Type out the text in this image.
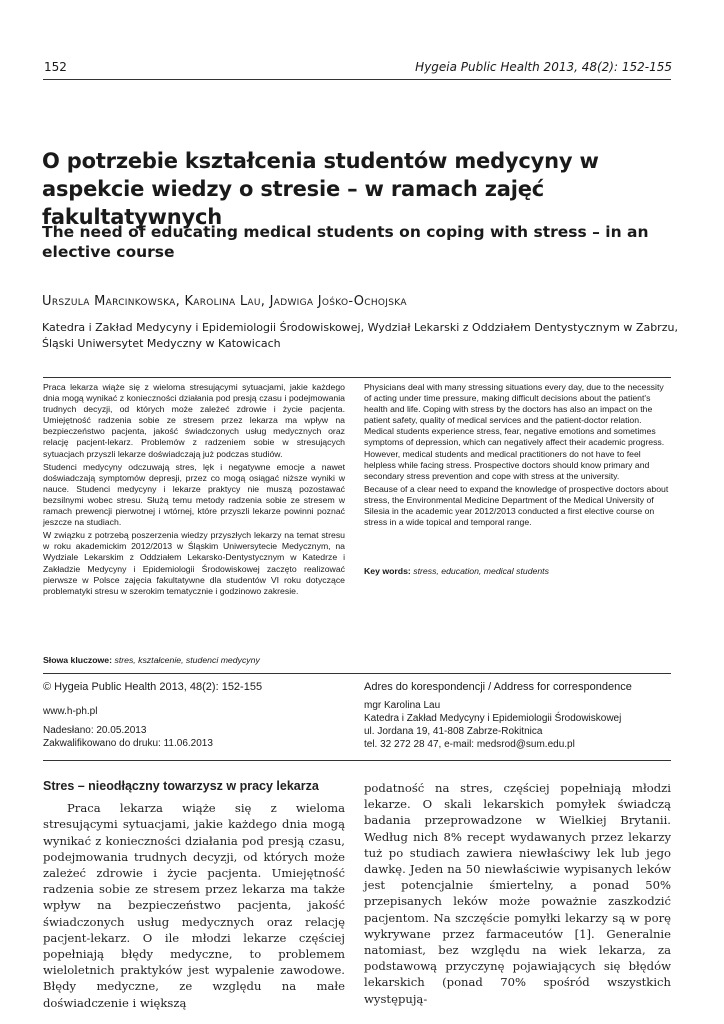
152	Hygeia Public Health 2013, 48(2): 152-155
O potrzebie kształcenia studentów medycyny w aspekcie wiedzy o stresie – w ramach zajęć fakultatywnych
The need of educating medical students on coping with stress – in an elective course
Urszula Marcinkowska, Karolina Lau, Jadwiga Jośko-Ochojska
Katedra i Zakład Medycyny i Epidemiologii Środowiskowej, Wydział Lekarski z Oddziałem Dentystycznym w Zabrzu, Śląski Uniwersytet Medyczny w Katowicach

Praca lekarza wiąże się z wieloma stresującymi sytuacjami, jakie każdego dnia mogą wynikać z konieczności działania pod presją czasu i podejmowania trudnych decyzji, od których może zależeć zdrowie i życie pacjenta. Umiejętność radzenia sobie ze stresem przez lekarza ma wpływ na bezpieczeństwo pacjenta, jakość świadczonych usług medycznych oraz relację pacjent-lekarz. Problemów z radzeniem sobie w stresujących sytuacjach przyszli lekarze doświadczają już podczas studiów.

Studenci medycyny odczuwają stres, lęk i negatywne emocje a nawet doświadczają symptomów depresji, przez co mogą osiągać niższe wyniki w nauce. Studenci medycyny i lekarze praktycy nie muszą pozostawać bezsilnymi wobec stresu. Służą temu metody radzenia sobie ze stresem w ramach prewencji pierwotnej i wtórnej, które przyszli lekarze powinni poznać jeszcze na studiach.

W związku z potrzebą poszerzenia wiedzy przyszłych lekarzy na temat stresu w roku akademickim 2012/2013 w Śląskim Uniwersytecie Medycznym, na Wydziale Lekarskim z Oddziałem Lekarsko-Dentystycznym w Katedrze i Zakładzie Medycyny i Epidemiologii Środowiskowej zaczęto realizować pierwsze w Polsce zajęcia fakultatywne dla studentów VI roku dotyczące problematyki stresu w szerokim tematycznie i godzinowo zakresie.

Słowa kluczowe: stres, kształcenie, studenci medycyny

Physicians deal with many stressing situations every day, due to the necessity of acting under time pressure, making difficult decisions about the patient's health and life. Coping with stress by the doctors has also an impact on the patient safety, quality of medical services and the patient-doctor relation. Medical students experience stress, fear, negative emotions and sometimes symptoms of depression, which can negatively affect their academic progress. However, medical students and medical practitioners do not have to feel helpless while facing stress. Prospective doctors should know primary and secondary stress prevention and cope with stress at the university.

Because of a clear need to expand the knowledge of prospective doctors about stress, the Environmental Medicine Department of the Medical University of Silesia in the academic year 2012/2013 conducted a first elective course on stress in a wide topical and temporal range.

Key words: stress, education, medical students
© Hygeia Public Health 2013, 48(2): 152-155
www.h-ph.pl
Nadesłano: 20.05.2013
Zakwalifikowano do druku: 11.06.2013
Adres do korespondencji / Address for correspondence
mgr Karolina Lau
Katedra i Zakład Medycyny i Epidemiologii Środowiskowej
ul. Jordana 19, 41-808 Zabrze-Rokitnica
tel. 32 272 28 47, e-mail: medsrod@sum.edu.pl
Stres – nieodłączny towarzysz w pracy lekarza

Praca lekarza wiąże się z wieloma stresującymi sytuacjami, jakie każdego dnia mogą wynikać z konieczności działania pod presją czasu, podejmowania trudnych decyzji, od których może zależeć zdrowie i życie pacjenta. Umiejętność radzenia sobie ze stresem przez lekarza ma także wpływ na bezpieczeństwo pacjenta, jakość świadczonych usług medycznych oraz relację pacjent-lekarz. O ile młodzi lekarze częściej popełniają błędy medyczne, to problemem wieloletnich praktyków jest wypalenie zawodowe. Błędy medyczne, ze względu na małe doświadczenie i większą

podatność na stres, częściej popełniają młodzi lekarze. O skali lekarskich pomyłek świadczą badania przeprowadzone w Wielkiej Brytanii. Według nich 8% recept wydawanych przez lekarzy tuż po studiach zawiera niewłaściwy lek lub jego dawkę. Jeden na 50 niewłaściwie wypisanych leków jest potencjalnie śmiertelny, a ponad 50% przepisanych leków może poważnie zaszkodzić pacjentom. Na szczęście pomyłki lekarzy są w porę wykrywane przez farmaceutów [1]. Generalnie natomiast, bez względu na wiek lekarza, za podstawową przyczynę pojawiających się błędów lekarskich (ponad 70% spośród wszystkich występują-
